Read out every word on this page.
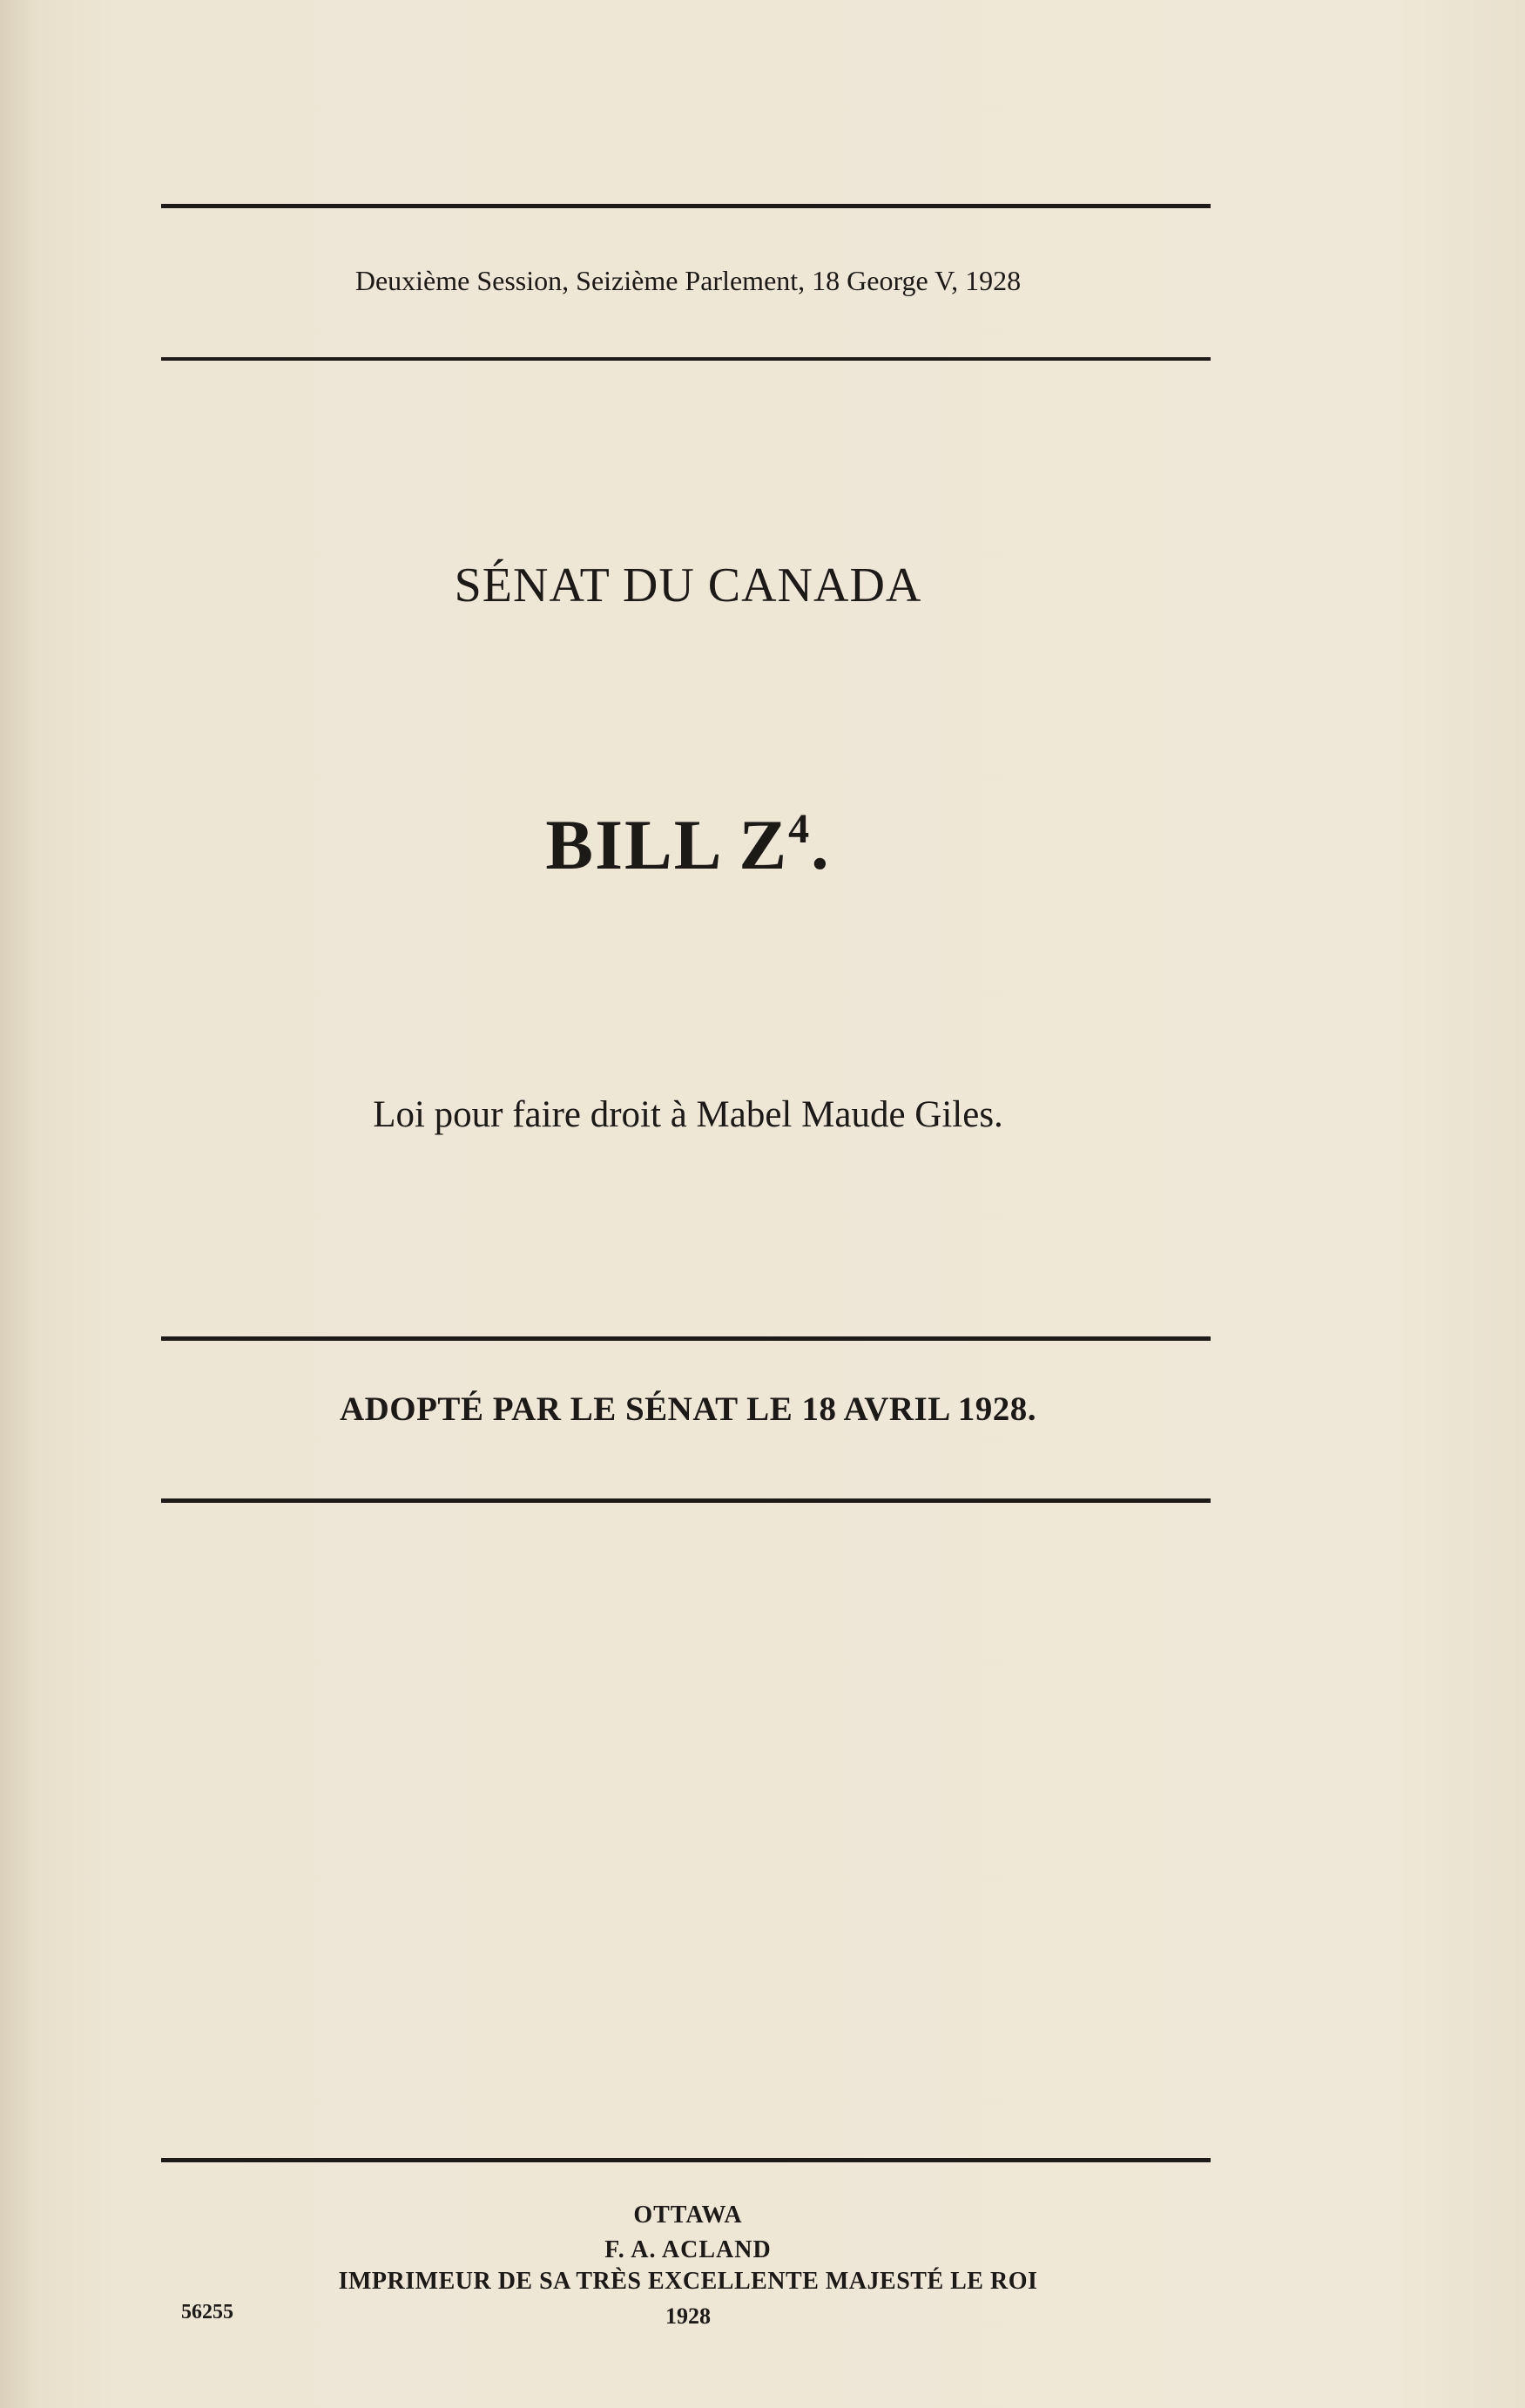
Deuxième Session, Seizième Parlement, 18 George V, 1928
SÉNAT DU CANADA
BILL $Z^4$.
Loi pour faire droit à Mabel Maude Giles.
ADOPTÉ PAR LE SÉNAT LE 18 AVRIL 1928.
OTTAWA
F. A. ACLAND
IMPRIMEUR DE SA TRÈS EXCELLENTE MAJESTÉ LE ROI
1928
56255
